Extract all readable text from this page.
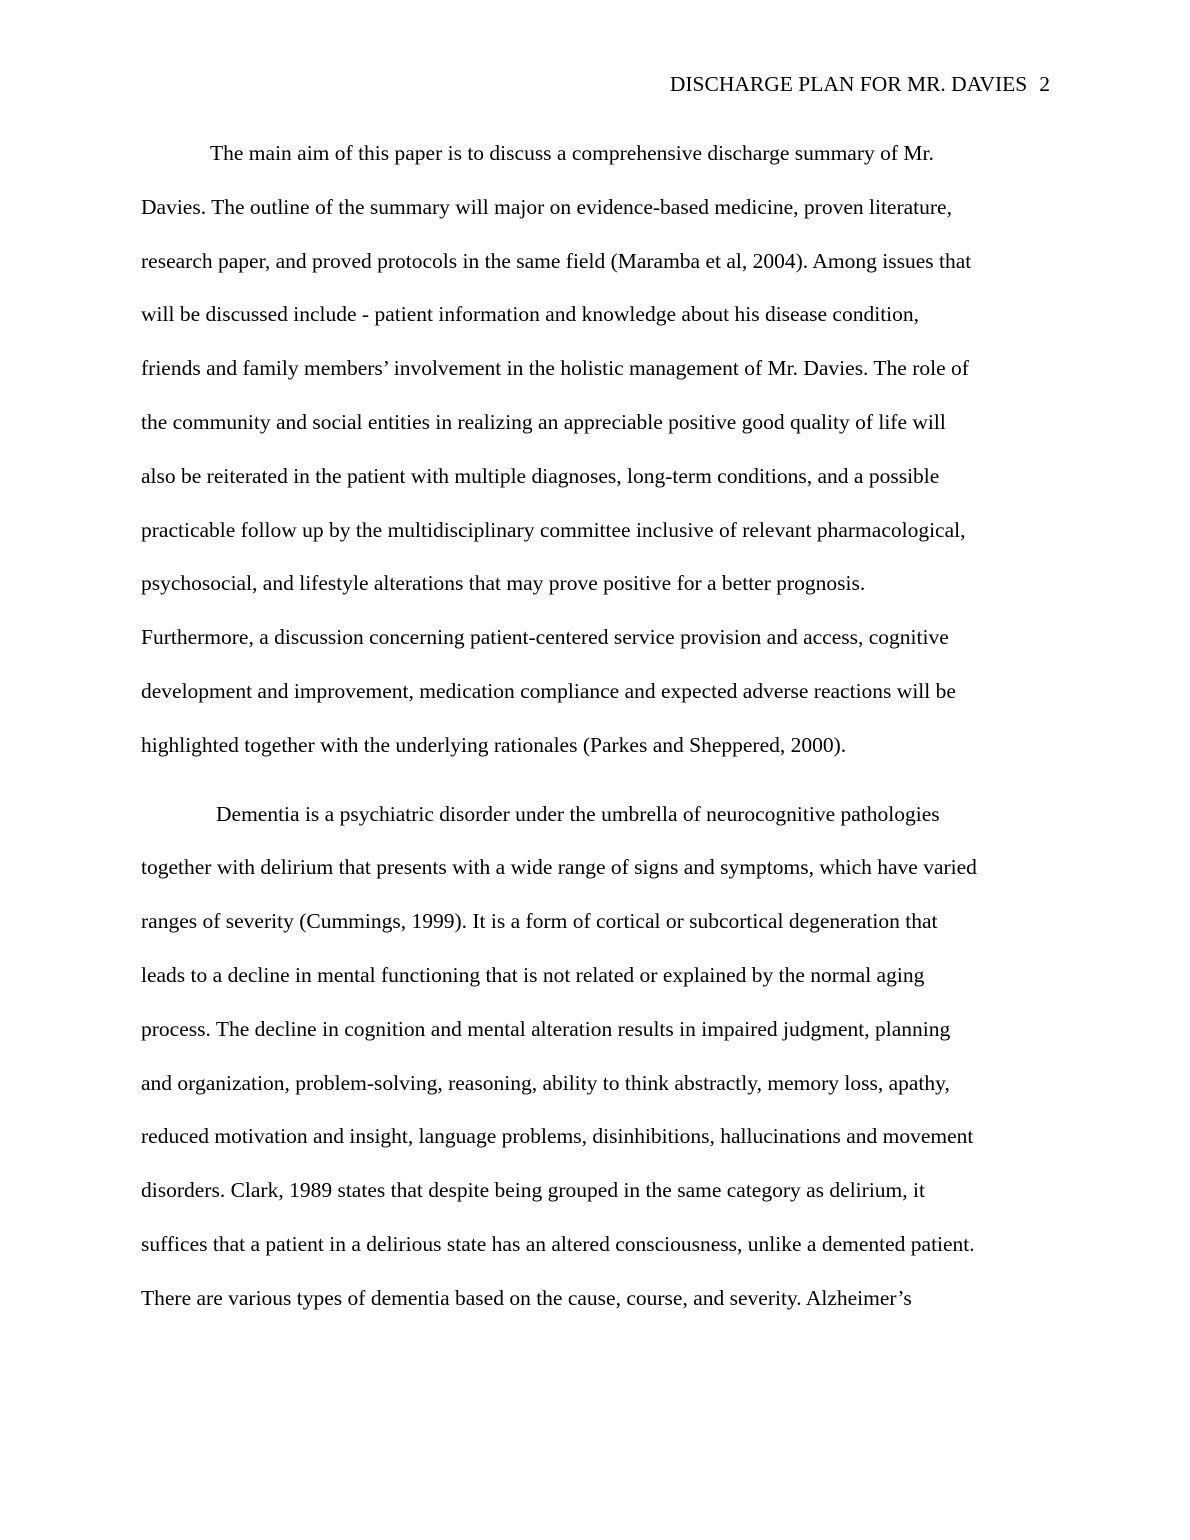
DISCHARGE PLAN FOR MR. DAVIES 2
The main aim of this paper is to discuss a comprehensive discharge summary of Mr.
Davies. The outline of the summary will major on evidence-based medicine, proven literature,
research paper, and proved protocols in the same field (Maramba et al, 2004). Among issues that
will be discussed include - patient information and knowledge about his disease condition,
friends and family members’ involvement in the holistic management of Mr. Davies. The role of
the community and social entities in realizing an appreciable positive good quality of life will
also be reiterated in the patient with multiple diagnoses, long-term conditions, and a possible
practicable follow up by the multidisciplinary committee inclusive of relevant pharmacological,
psychosocial, and lifestyle alterations that may prove positive for a better prognosis.
Furthermore, a discussion concerning patient-centered service provision and access, cognitive
development and improvement, medication compliance and expected adverse reactions will be
highlighted together with the underlying rationales (Parkes and Sheppered, 2000).
Dementia is a psychiatric disorder under the umbrella of neurocognitive pathologies
together with delirium that presents with a wide range of signs and symptoms, which have varied
ranges of severity (Cummings, 1999). It is a form of cortical or subcortical degeneration that
leads to a decline in mental functioning that is not related or explained by the normal aging
process. The decline in cognition and mental alteration results in impaired judgment, planning
and organization, problem-solving, reasoning, ability to think abstractly, memory loss, apathy,
reduced motivation and insight, language problems, disinhibitions, hallucinations and movement
disorders. Clark, 1989 states that despite being grouped in the same category as delirium, it
suffices that a patient in a delirious state has an altered consciousness, unlike a demented patient.
There are various types of dementia based on the cause, course, and severity. Alzheimer’s
